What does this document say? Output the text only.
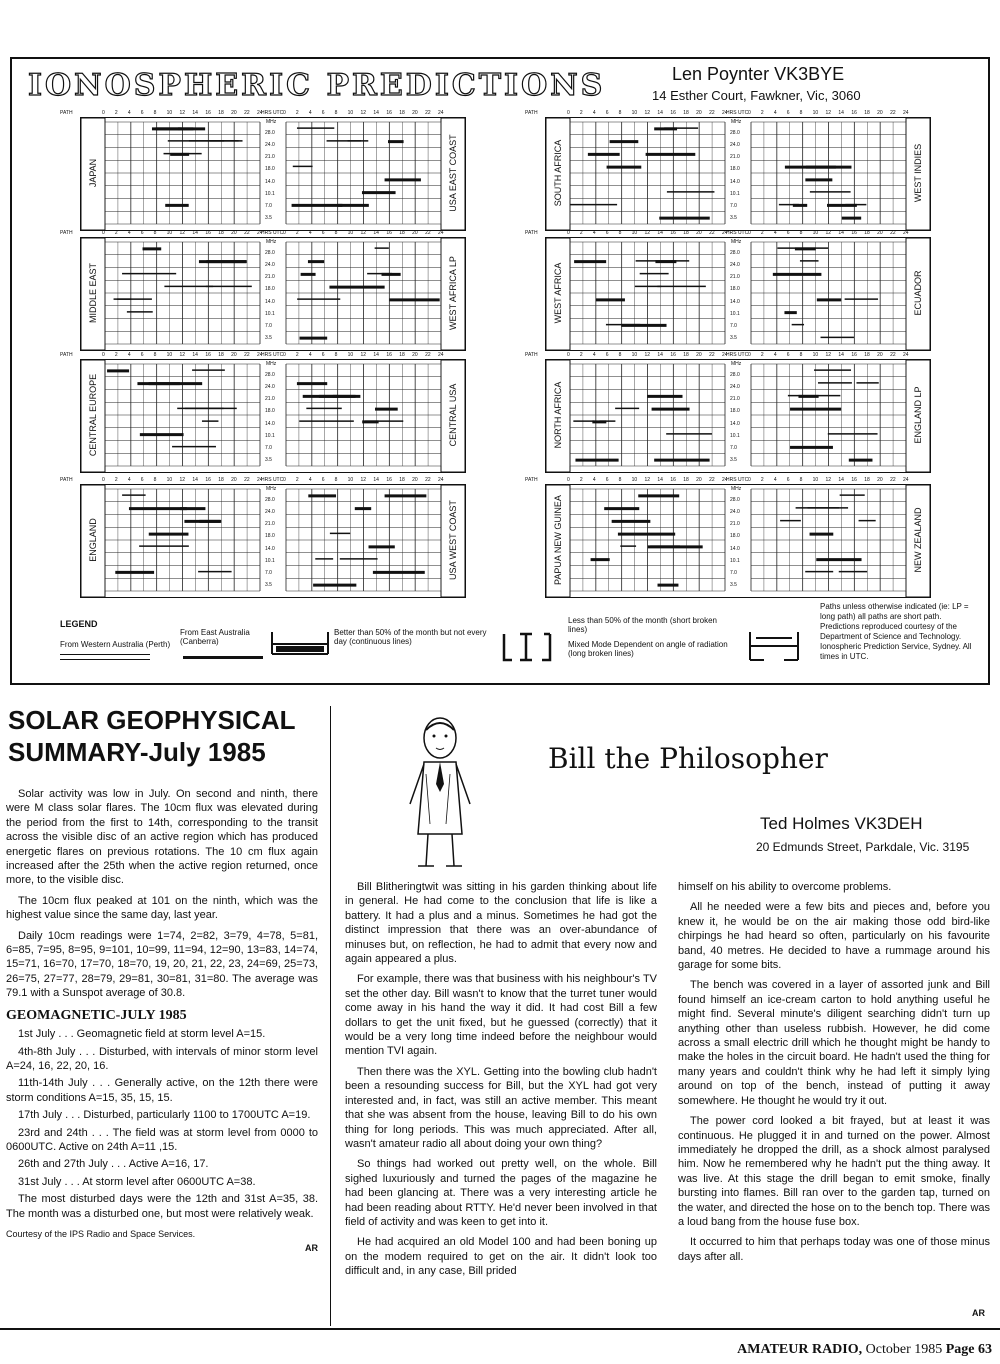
IONOSPHERIC PREDICTIONS	Len Poynter VK3BYE
14 Esther Court, Fawkner, Vic, 3060
JAPAN	USA EAST COAST
MHz
28.0
24.0
21.0
18.0
14.0
10.1
7.0
3.5
PATH	0 2 4 6 8 10 12 14 16 18 20 22 24	0 2 4 6 8 10 12 14 16 18 20 22 24
HRS UTC
MIDDLE EAST	WEST AFRICA LP
MHz
28.0
24.0
21.0
18.0
14.0
10.1
7.0
3.5
PATH	0 2 4 6 8 10 12 14 16 18 20 22 24	0 2 4 6 8 10 12 14 16 18 20 22 24
HRS UTC
CENTRAL EUROPE	CENTRAL USA
MHz
28.0
24.0
21.0
18.0
14.0
10.1
7.0
3.5
PATH	0 2 4 6 8 10 12 14 16 18 20 22 24	0 2 4 6 8 10 12 14 16 18 20 22 24
HRS UTC
ENGLAND	USA WEST COAST
MHz
28.0
24.0
21.0
18.0
14.0
10.1
7.0
3.5
PATH	0 2 4 6 8 10 12 14 16 18 20 22 24	0 2 4 6 8 10 12 14 16 18 20 22 24
HRS UTC
SOUTH AFRICA	WEST INDIES
MHz
28.0
24.0
21.0
18.0
14.0
10.1
7.0
3.5
PATH	0 2 4 6 8 10 12 14 16 18 20 22 24	0 2 4 6 8 10 12 14 16 18 20 22 24
HRS UTC
WEST AFRICA	ECUADOR
MHz
28.0
24.0
21.0
18.0
14.0
10.1
7.0
3.5
PATH	0 2 4 6 8 10 12 14 16 18 20 22 24	0 2 4 6 8 10 12 14 16 18 20 22 24
HRS UTC
NORTH AFRICA	ENGLAND LP
MHz
28.0
24.0
21.0
18.0
14.0
10.1
7.0
3.5
PATH	0 2 4 6 8 10 12 14 16 18 20 22 24	0 2 4 6 8 10 12 14 16 18 20 22 24
HRS UTC
PAPUA NEW GUINEA	NEW ZEALAND
MHz
28.0
24.0
21.0
18.0
14.0
10.1
7.0
3.5
PATH	0 2 4 6 8 10 12 14 16 18 20 22 24	0 2 4 6 8 10 12 14 16 18 20 22 24
HRS UTC
LEGEND
From Western Australia (Perth)
From East Australia (Canberra)
Better than 50% of the month but not every day (continuous lines)
Less than 50% of the month (short broken lines)
Mixed Mode Dependent on angle of radiation (long broken lines)
Paths unless otherwise indicated (ie: LP = long path) all paths are short path. Predictions reproduced courtesy of the Department of Science and Technology. Ionospheric Prediction Service, Sydney. All times in UTC.
SOLAR GEOPHYSICAL SUMMARY-July 1985

Solar activity was low in July. On second and ninth, there were M class solar flares. The 10cm flux was elevated during the period from the first to 14th, corresponding to the transit across the visible disc of an active region which has produced energetic flares on previous rotations. The 10 cm flux again increased after the 25th when the active region returned, once more, to the visible disc.

The 10cm flux peaked at 101 on the ninth, which was the highest value since the same day, last year.

Daily 10cm readings were 1=74, 2=82, 3=79, 4=78, 5=81, 6=85, 7=95, 8=95, 9=101, 10=99, 11=94, 12=90, 13=83, 14=74, 15=71, 16=70, 17=70, 18=70, 19, 20, 21, 22, 23, 24=69, 25=73, 26=75, 27=77, 28=79, 29=81, 30=81, 31=80. The average was 79.1 with a Sunspot average of 30.8.

GEOMAGNETIC-JULY 1985

1st July . . . Geomagnetic field at storm level A=15.

4th-8th July . . . Disturbed, with intervals of minor storm level A=24, 16, 22, 20, 16.

11th-14th July . . . Generally active, on the 12th there were storm conditions A=15, 35, 15, 15.

17th July . . . Disturbed, particularly 1100 to 1700UTC A=19.

23rd and 24th . . . The field was at storm level from 0000 to 0600UTC. Active on 24th A=11 ,15.

26th and 27th July . . . Active A=16, 17.

31st July . . . At storm level after 0600UTC A=38.

The most disturbed days were the 12th and 31st A=35, 38. The month was a disturbed one, but most were relatively weak.

Courtesy of the IPS Radio and Space Services.
AR
Bill the Philosopher
Ted Holmes VK3DEH
20 Edmunds Street, Parkdale, Vic. 3195

Bill Blitheringtwit was sitting in his garden thinking about life in general. He had come to the conclusion that life is like a battery. It had a plus and a minus. Sometimes he had got the distinct impression that there was an over-abundance of minuses but, on reflection, he had to admit that every now and again appeared a plus.

For example, there was that business with his neighbour's TV set the other day. Bill wasn't to know that the turret tuner would come away in his hand the way it did. It had cost Bill a few dollars to get the unit fixed, but he guessed (correctly) that it would be a very long time indeed before the neighbour would mention TVI again.

Then there was the XYL. Getting into the bowling club hadn't been a resounding success for Bill, but the XYL had got very interested and, in fact, was still an active member. This meant that she was absent from the house, leaving Bill to do his own thing for long periods. This was much appreciated. After all, wasn't amateur radio all about doing your own thing?

So things had worked out pretty well, on the whole. Bill sighed luxuriously and turned the pages of the magazine he had been glancing at. There was a very interesting article he had been reading about RTTY. He'd never been involved in that field of activity and was keen to get into it.

He had acquired an old Model 100 and had been boning up on the modem required to get on the air. It didn't look too difficult and, in any case, Bill prided

himself on his ability to overcome problems.

All he needed were a few bits and pieces and, before you knew it, he would be on the air making those odd bird-like chirpings he had heard so often, particularly on his favourite band, 40 metres. He decided to have a rummage around his garage for some bits.

The bench was covered in a layer of assorted junk and Bill found himself an ice-cream carton to hold anything useful he might find. Several minute's diligent searching didn't turn up anything other than useless rubbish. However, he did come across a small electric drill which he thought might be handy to make the holes in the circuit board. He hadn't used the thing for many years and couldn't think why he had left it simply lying around on top of the bench, instead of putting it away somewhere. He thought he would try it out.

The power cord looked a bit frayed, but at least it was continuous. He plugged it in and turned on the power. Almost immediately he dropped the drill, as a shock almost paralysed him. Now he remembered why he hadn't put the thing away. It was live. At this stage the drill began to emit smoke, finally bursting into flames. Bill ran over to the garden tap, turned on the water, and directed the hose on to the bench top. There was a loud bang from the house fuse box.

It occurred to him that perhaps today was one of those minus days after all.

AR
AMATEUR RADIO, October 1985 Page 63
